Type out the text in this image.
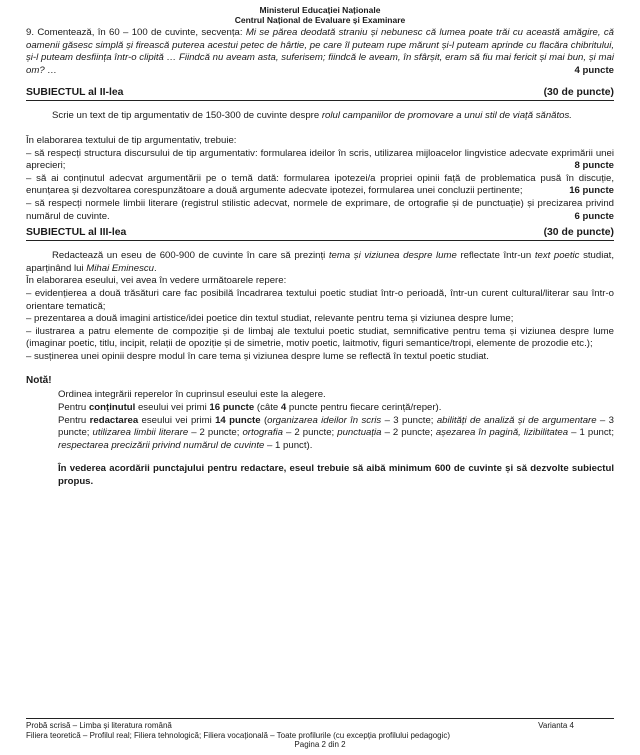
Ministerul Educației Naționale
Centrul Național de Evaluare și Examinare

9. Comentează, în 60 – 100 de cuvinte, secvența: Mi se părea deodată straniu și nebunesc că lumea poate trăi cu această amăgire, că oamenii găsesc simplă și firească puterea acestui petec de hârtie, pe care îl puteam rupe mărunt și-l puteam aprinde cu flacăra chibritului, și-l puteam desființa într-o clipită … Fiindcă nu aveam asta, suferisem; fiindcă le aveam, în sfârșit, eram să fiu mai fericit și mai bun, și mai om? …	4 puncte
SUBIECTUL al II-lea	(30 de puncte)

Scrie un text de tip argumentativ de 150-300 de cuvinte despre rolul campaniilor de promovare a unui stil de viață sănătos.

În elaborarea textului de tip argumentativ, trebuie:

– să respecți structura discursului de tip argumentativ: formularea ideilor în scris, utilizarea mijloacelor lingvistice adecvate exprimării unei aprecieri;	8 puncte

– să ai conținutul adecvat argumentării pe o temă dată: formularea ipotezei/a propriei opinii față de problematica pusă în discuție, enunțarea și dezvoltarea corespunzătoare a două argumente adecvate ipotezei, formularea unei concluzii pertinente;	16 puncte

– să respecți normele limbii literare (registrul stilistic adecvat, normele de exprimare, de ortografie și de punctuație) și precizarea privind numărul de cuvinte.	6 puncte
SUBIECTUL al III-lea	(30 de puncte)

Redactează un eseu de 600-900 de cuvinte în care să prezinți tema și viziunea despre lume reflectate într-un text poetic studiat, aparținând lui Mihai Eminescu.

În elaborarea eseului, vei avea în vedere următoarele repere:

– evidențierea a două trăsături care fac posibilă încadrarea textului poetic studiat într-o perioadă, într-un curent cultural/literar sau într-o orientare tematică;

– prezentarea a două imagini artistice/idei poetice din textul studiat, relevante pentru tema și viziunea despre lume;

– ilustrarea a patru elemente de compoziție și de limbaj ale textului poetic studiat, semnificative pentru tema și viziunea despre lume (imaginar poetic, titlu, incipit, relații de opoziție și de simetrie, motiv poetic, laitmotiv, figuri semantice/tropi, elemente de prozodie etc.);

– susținerea unei opinii despre modul în care tema și viziunea despre lume se reflectă în textul poetic studiat.

Notă!

Ordinea integrării reperelor în cuprinsul eseului este la alegere.

Pentru conținutul eseului vei primi 16 puncte (câte 4 puncte pentru fiecare cerință/reper).

Pentru redactarea eseului vei primi 14 puncte (organizarea ideilor în scris – 3 puncte; abilități de analiză și de argumentare – 3 puncte; utilizarea limbii literare – 2 puncte; ortografia – 2 puncte; punctuația – 2 puncte; așezarea în pagină, lizibilitatea – 1 punct; respectarea precizării privind numărul de cuvinte – 1 punct).

În vederea acordării punctajului pentru redactare, eseul trebuie să aibă minimum 600 de cuvinte și să dezvolte subiectul propus.

Probă scrisă – Limba și literatura română	Varianta 4
Filiera teoretică – Profilul real; Filiera tehnologică; Filiera vocațională – Toate profilurile (cu excepția profilului pedagogic)
Pagina 2 din 2
